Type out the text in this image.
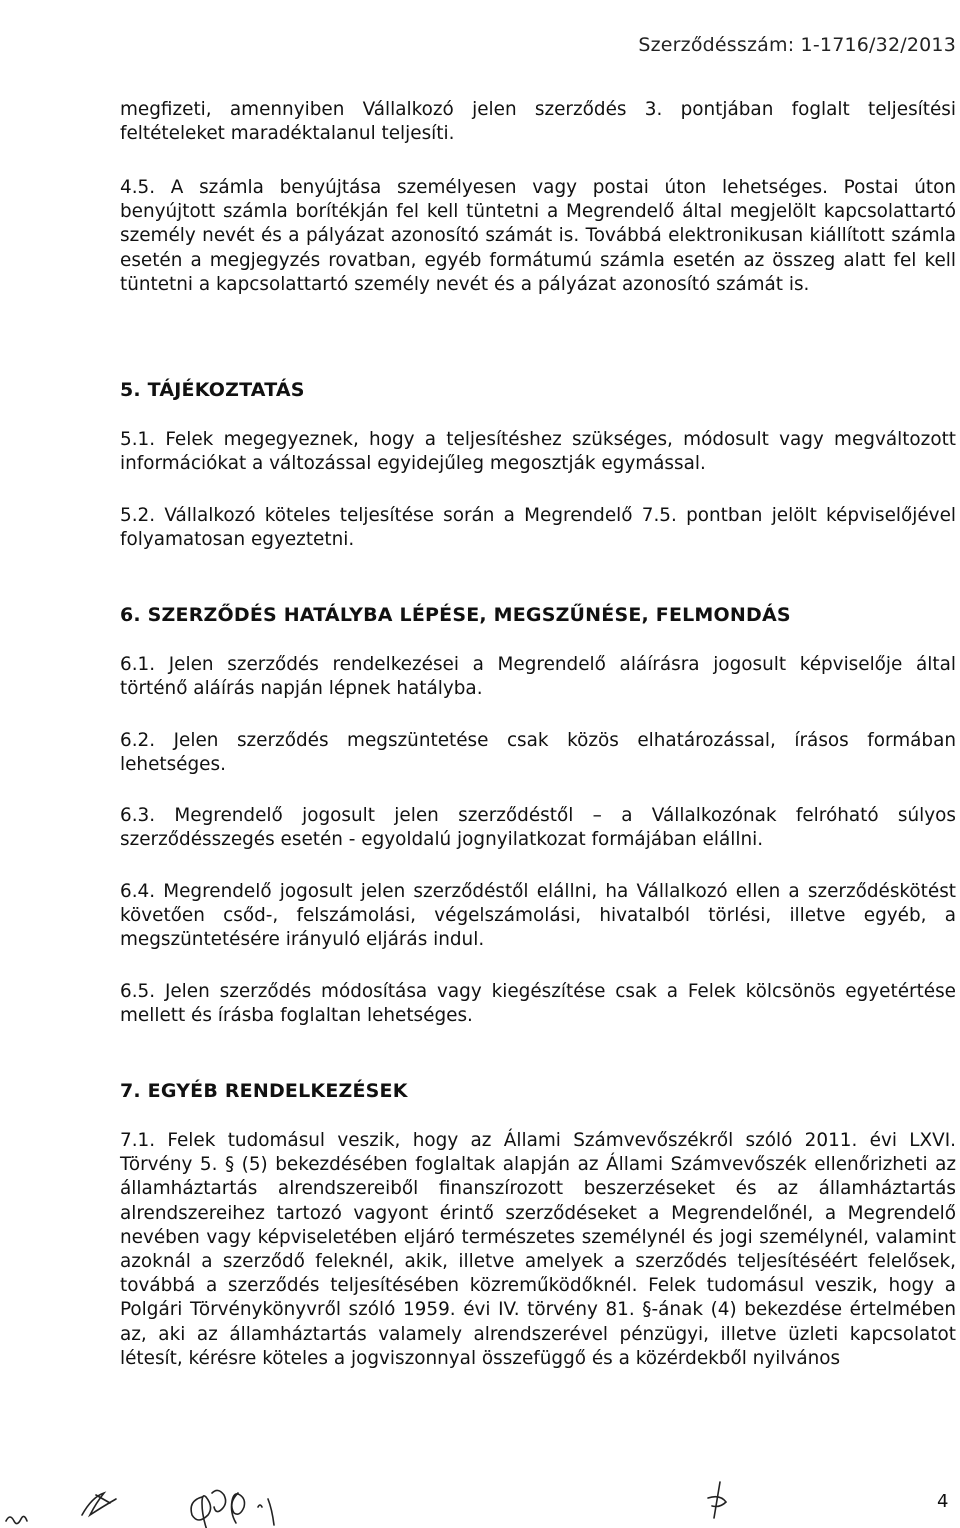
Szerződésszám: 1-1716/32/2013

megfizeti, amennyiben Vállalkozó jelen szerződés 3. pontjában foglalt teljesítési feltételeket maradéktalanul teljesíti.

4.5. A számla benyújtása személyesen vagy postai úton lehetséges. Postai úton benyújtott számla borítékján fel kell tüntetni a Megrendelő által megjelölt kapcsolattartó személy nevét és a pályázat azonosító számát is. Továbbá elektronikusan kiállított számla esetén a megjegyzés rovatban, egyéb formátumú számla esetén az összeg alatt fel kell tüntetni a kapcsolattartó személy nevét és a pályázat azonosító számát is.

5. TÁJÉKOZTATÁS

5.1. Felek megegyeznek, hogy a teljesítéshez szükséges, módosult vagy megváltozott információkat a változással egyidejűleg megosztják egymással.

5.2. Vállalkozó köteles teljesítése során a Megrendelő 7.5. pontban jelölt képviselőjével folyamatosan egyeztetni.

6. SZERZŐDÉS HATÁLYBA LÉPÉSE, MEGSZŰNÉSE, FELMONDÁS

6.1. Jelen szerződés rendelkezései a Megrendelő aláírásra jogosult képviselője által történő aláírás napján lépnek hatályba.

6.2. Jelen szerződés megszüntetése csak közös elhatározással, írásos formában lehetséges.

6.3. Megrendelő jogosult jelen szerződéstől – a Vállalkozónak felróható súlyos szerződésszegés esetén - egyoldalú jognyilatkozat formájában elállni.

6.4. Megrendelő jogosult jelen szerződéstől elállni, ha Vállalkozó ellen a szerződéskötést követően csőd-, felszámolási, végelszámolási, hivatalból törlési, illetve egyéb, a megszüntetésére irányuló eljárás indul.

6.5. Jelen szerződés módosítása vagy kiegészítése csak a Felek kölcsönös egyetértése mellett és írásba foglaltan lehetséges.

7. EGYÉB RENDELKEZÉSEK

7.1. Felek tudomásul veszik, hogy az Állami Számvevőszékről szóló 2011. évi LXVI. Törvény 5. § (5) bekezdésében foglaltak alapján az Állami Számvevőszék ellenőrizheti az államháztartás alrendszereiből finanszírozott beszerzéseket és az államháztartás alrendszereihez tartozó vagyont érintő szerződéseket a Megrendelőnél, a Megrendelő nevében vagy képviseletében eljáró természetes személynél és jogi személynél, valamint azoknál a szerződő feleknél, akik, illetve amelyek a szerződés teljesítéséért felelősek, továbbá a szerződés teljesítésében közreműködőknél. Felek tudomásul veszik, hogy a Polgári Törvénykönyvről szóló 1959. évi IV. törvény 81. §-ának (4) bekezdése értelmében az, aki az államháztartás valamely alrendszerével pénzügyi, illetve üzleti kapcsolatot létesít, kérésre köteles a jogviszonnyal összefüggő és a közérdekből nyilvános

4
